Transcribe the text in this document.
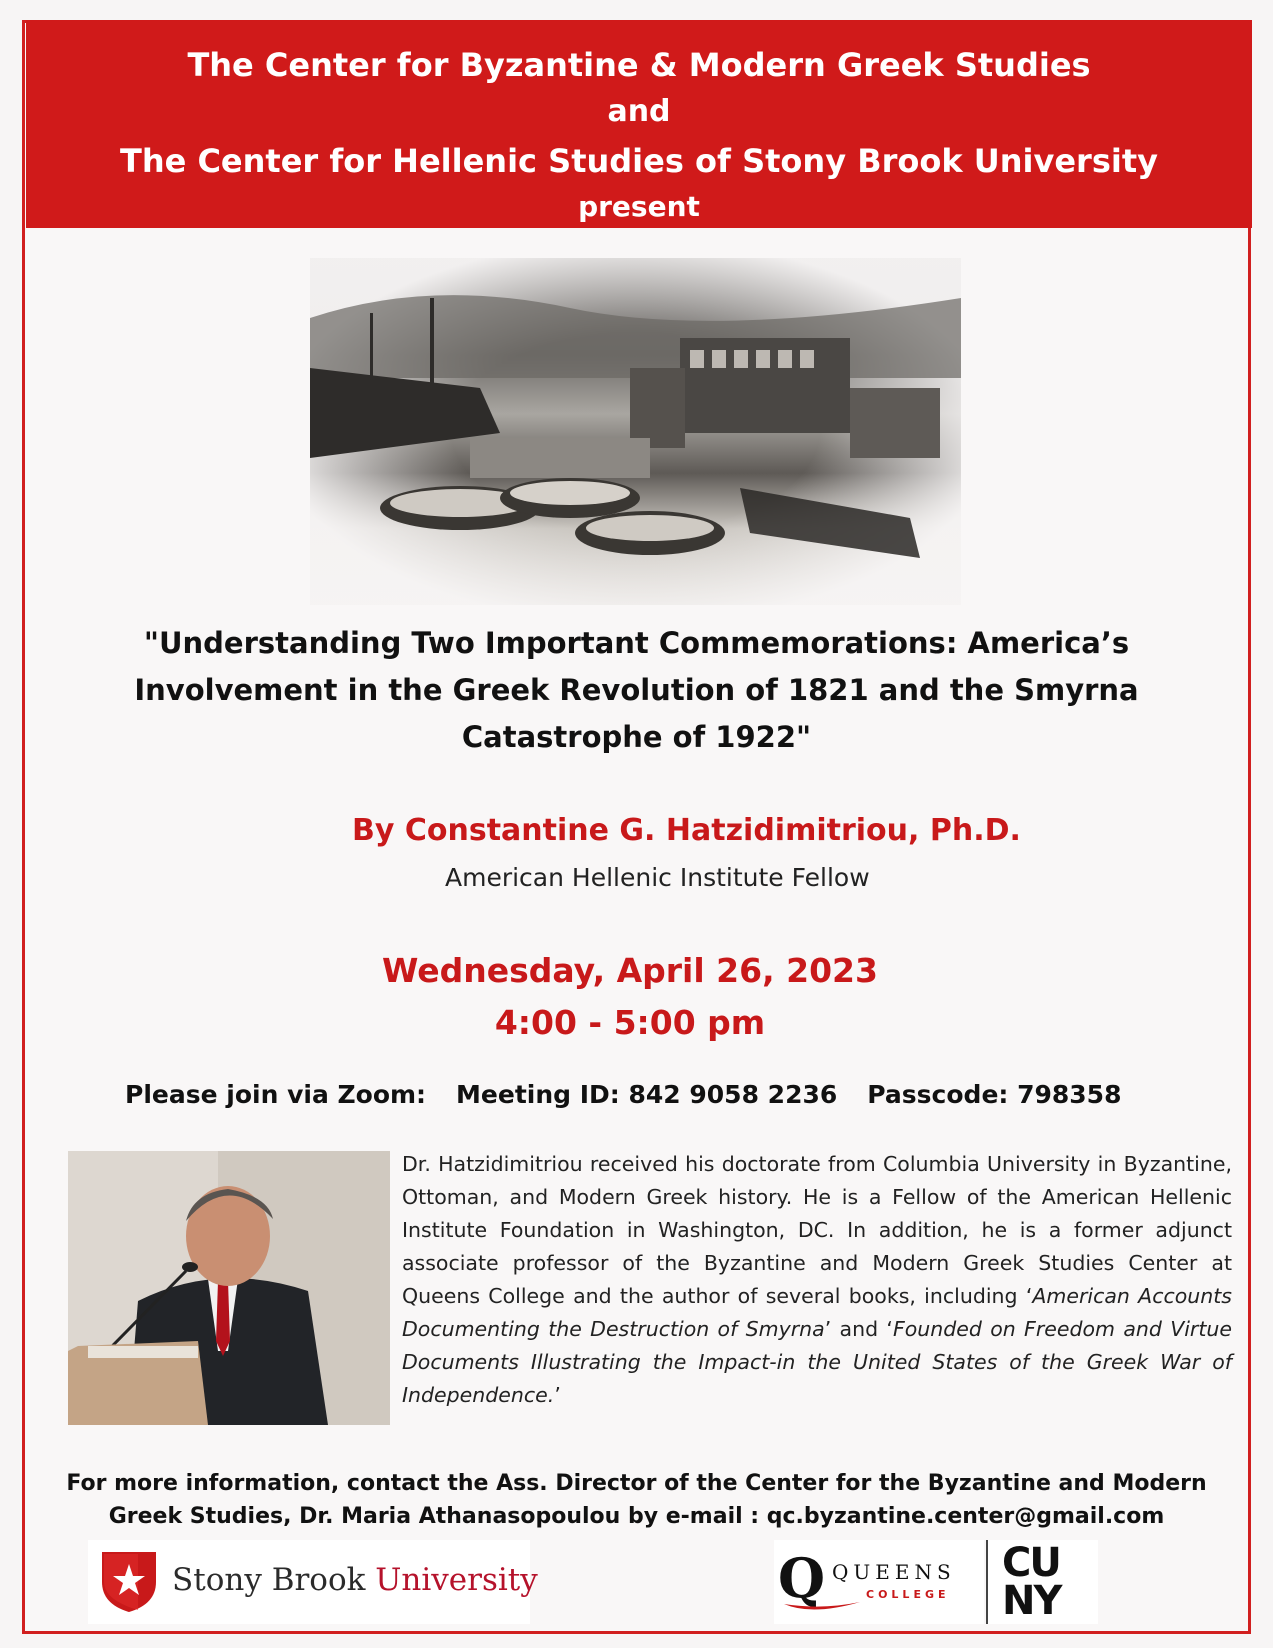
The Center for Byzantine & Modern Greek Studies
and
The Center for Hellenic Studies of Stony Brook University
present
"Understanding Two Important Commemorations: America’s
Involvement in the Greek Revolution of 1821 and the Smyrna
Catastrophe of 1922"
By Constantine G. Hatzidimitriou, Ph.D.
American Hellenic Institute Fellow
Wednesday, April 26, 2023
4:00 - 5:00 pm
Please join via Zoom: Meeting ID: 842 9058 2236 Passcode: 798358
Dr. Hatzidimitriou received his doctorate from Columbia University in Byzantine, Ottoman, and Modern Greek history. He is a Fellow of the American Hellenic Institute Foundation in Washington, DC. In addition, he is a former adjunct associate professor of the Byzantine and Modern Greek Studies Center at Queens College and the author of several books, including ‘American Accounts Documenting the Destruction of Smyrna’ and ‘Founded on Freedom and Virtue Documents Illustrating the Impact-in the United States of the Greek War of Independence.’
For more information, contact the Ass. Director of the Center for the Byzantine and Modern
Greek Studies, Dr. Maria Athanasopoulou by e-mail : qc.byzantine.center@gmail.com
Stony Brook University	Q QUEENS
COLLEGE
CU
NY
